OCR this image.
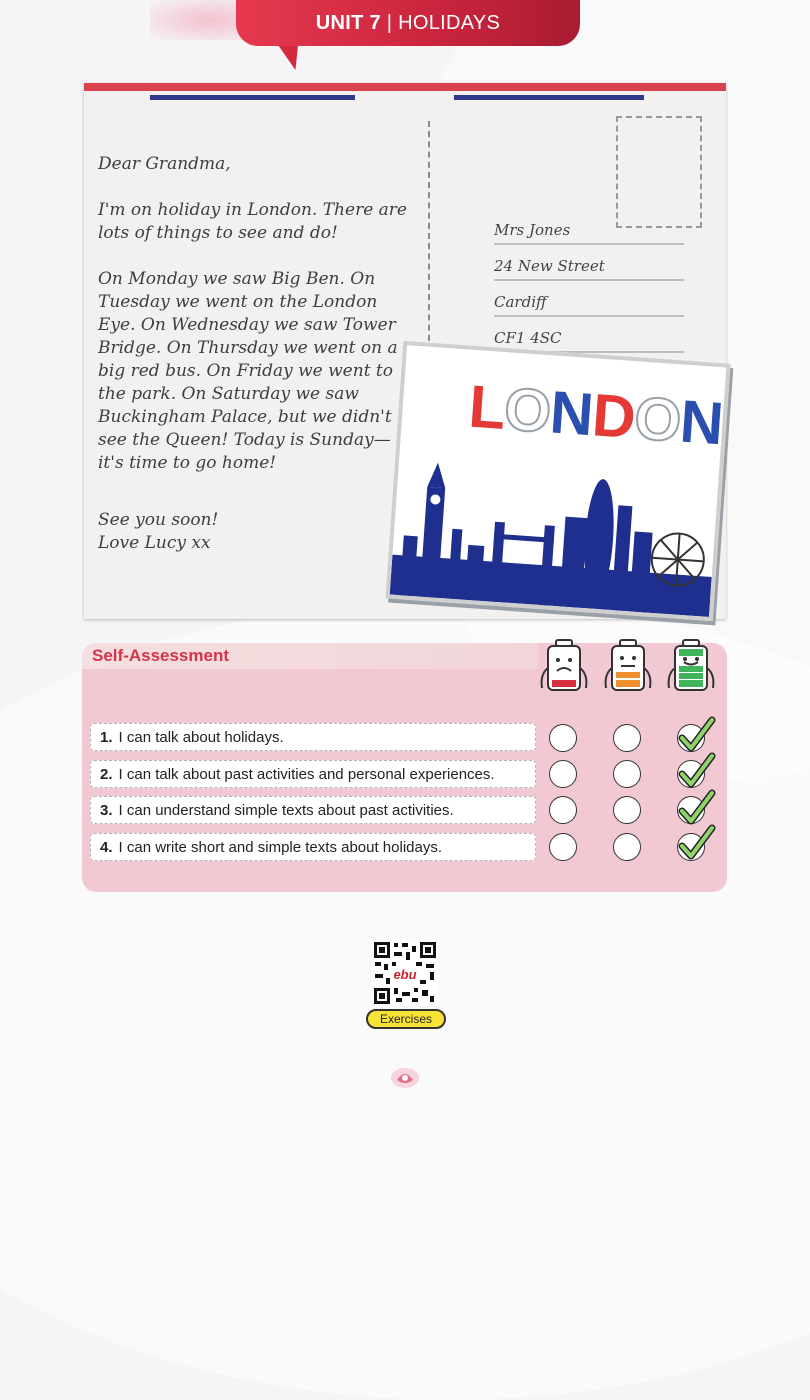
UNIT 7 | HOLIDAYS

Dear Grandma,

I'm on holiday in London. There are lots of things to see and do!

On Monday we saw Big Ben. On Tuesday we went on the London Eye. On Wednesday we saw Tower Bridge. On Thursday we went on a big red bus. On Friday we went to the park. On Saturday we saw Buckingham Palace, but we didn't see the Queen! Today is Sunday—it's time to go home!

See you soon!
Love Lucy xx
Mrs Jones
24 New Street
Cardiff
CF1 4SC
LONDON
Self-Assessment
1. I can talk about holidays.
2. I can talk about past activities and personal experiences.
3. I can understand simple texts about past activities.
4. I can write short and simple texts about holidays.
ebu
Exercises
